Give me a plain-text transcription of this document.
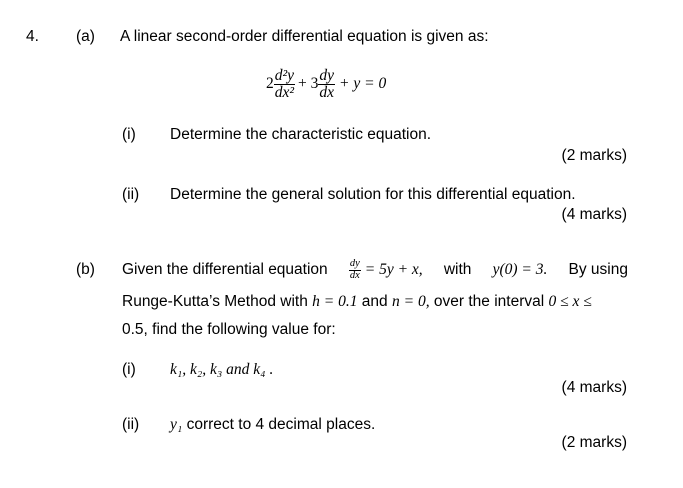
4. (a) A linear second-order differential equation is given as:
$2 \frac{\text{d²y}}{\text{dx²}} + 3 \frac{dy}{dx} + y = 0$
(i) Determine the characteristic equation.
(2 marks)
(ii) Determine the general solution for this differential equation.
(4 marks)
(b) Given the differential equation $\frac{dy}{dx} = 5y + x$, with y(0) = 3. By using
Runge-Kutta’s Method with h = 0.1 and n = 0, over the interval 0 ≤ x ≤
0.5, find the following value for:
(i) k₁, k₂, k₃ and k₄ .
(4 marks)
(ii) y₁ correct to 4 decimal places.
(2 marks)
